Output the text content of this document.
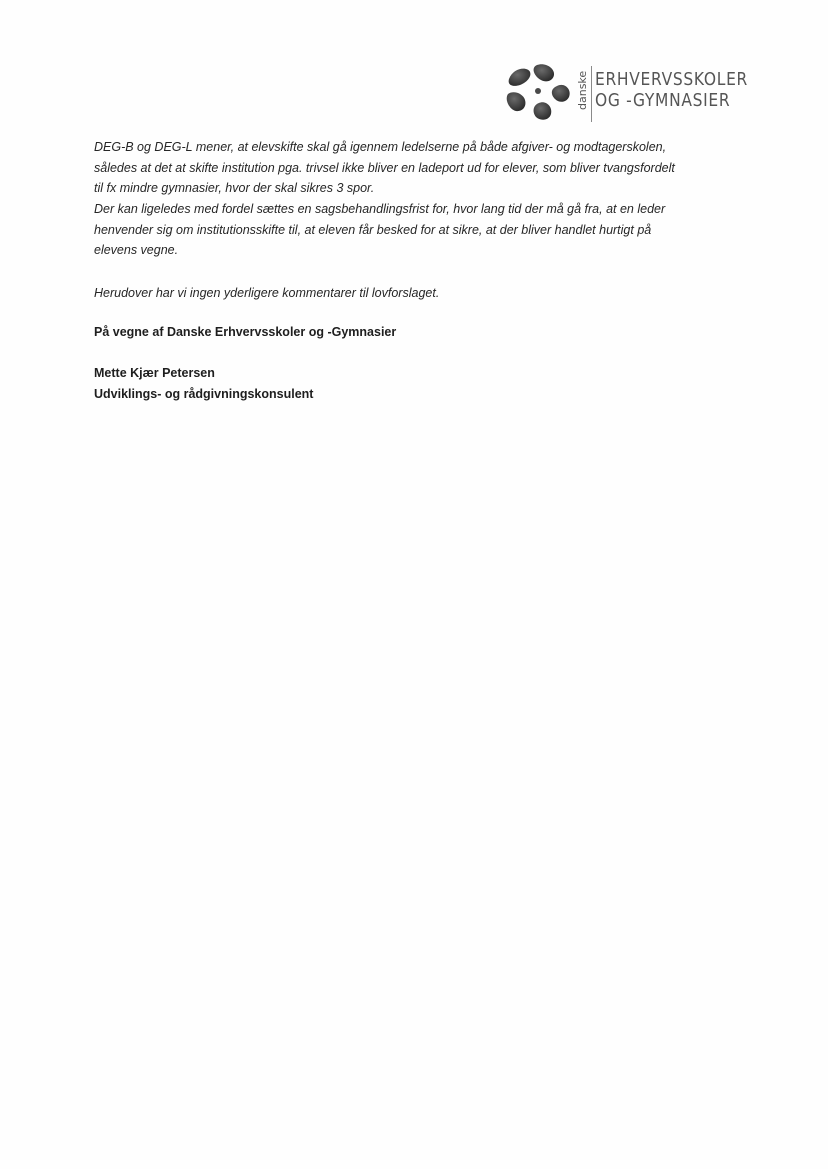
danske ERHVERVSSKOLER
OG -GYMNASIER
DEG-B og DEG-L mener, at elevskifte skal gå igennem ledelserne på både afgiver- og modtagerskolen,
således at det at skifte institution pga. trivsel ikke bliver en ladeport ud for elever, som bliver tvangsfordelt
til fx mindre gymnasier, hvor der skal sikres 3 spor.
Der kan ligeledes med fordel sættes en sagsbehandlingsfrist for, hvor lang tid der må gå fra, at en leder
henvender sig om institutionsskifte til, at eleven får besked for at sikre, at der bliver handlet hurtigt på
elevens vegne.
Herudover har vi ingen yderligere kommentarer til lovforslaget.
På vegne af Danske Erhvervsskoler og -Gymnasier
Mette Kjær Petersen
Udviklings- og rådgivningskonsulent
